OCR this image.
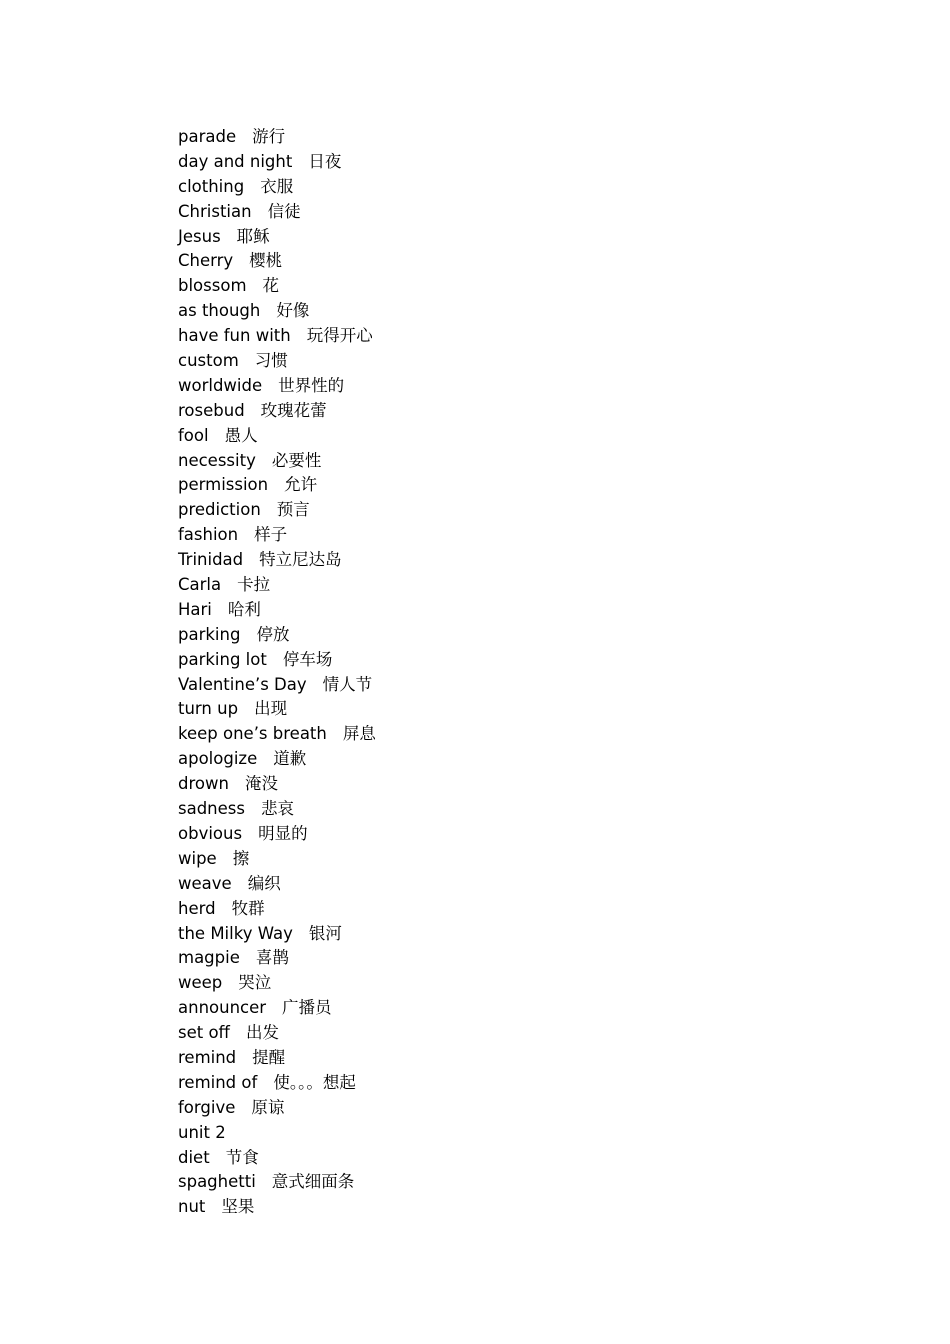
parade 游行
day and night 日夜
clothing 衣服
Christian 信徒
Jesus 耶稣
Cherry 樱桃
blossom 花
as though 好像
have fun with 玩得开心
custom 习惯
worldwide 世界性的
rosebud 玫瑰花蕾
fool 愚人
necessity 必要性
permission 允许
prediction 预言
fashion 样子
Trinidad 特立尼达岛
Carla 卡拉
Hari 哈利
parking 停放
parking lot 停车场
Valentine’s Day 情人节
turn up 出现
keep one’s breath 屏息
apologize 道歉
drown 淹没
sadness 悲哀
obvious 明显的
wipe 擦
weave 编织
herd 牧群
the Milky Way 银河
magpie 喜鹊
weep 哭泣
announcer 广播员
set off 出发
remind 提醒
remind of 使。。。想起
forgive 原谅
unit 2
diet 节食
spaghetti 意式细面条
nut 坚果
